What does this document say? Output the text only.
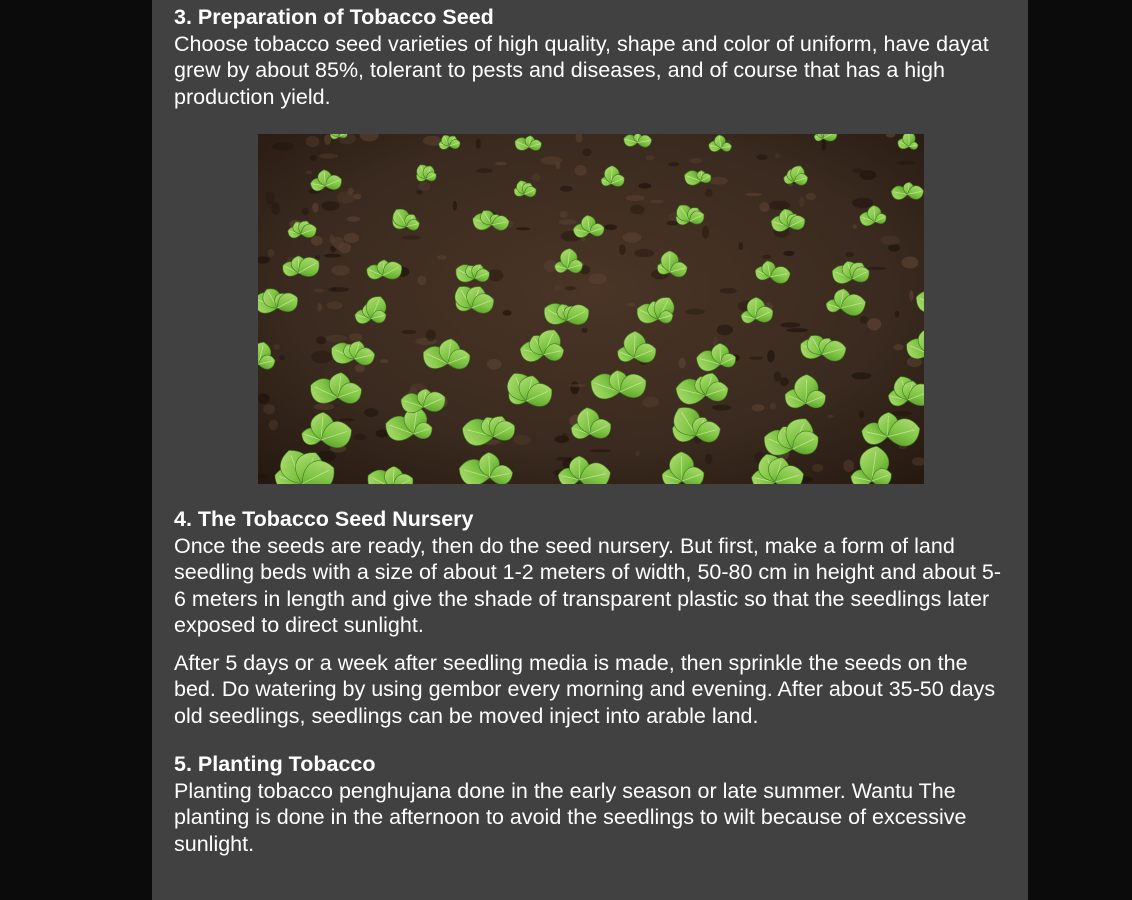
3. Preparation of Tobacco Seed

Choose tobacco seed varieties of high quality, shape and color of uniform, have dayat grew by about 85%, tolerant to pests and diseases, and of course that has a high production yield.

4. The Tobacco Seed Nursery

Once the seeds are ready, then do the seed nursery. But first, make a form of land seedling beds with a size of about 1-2 meters of width, 50-80 cm in height and about 5-6 meters in length and give the shade of transparent plastic so that the seedlings later exposed to direct sunlight.

After 5 days or a week after seedling media is made, then sprinkle the seeds on the bed. Do watering by using gembor every morning and evening. After about 35-50 days old seedlings, seedlings can be moved inject into arable land.

5. Planting Tobacco

Planting tobacco penghujana done in the early season or late summer. Wantu The planting is done in the afternoon to avoid the seedlings to wilt because of excessive sunlight.
